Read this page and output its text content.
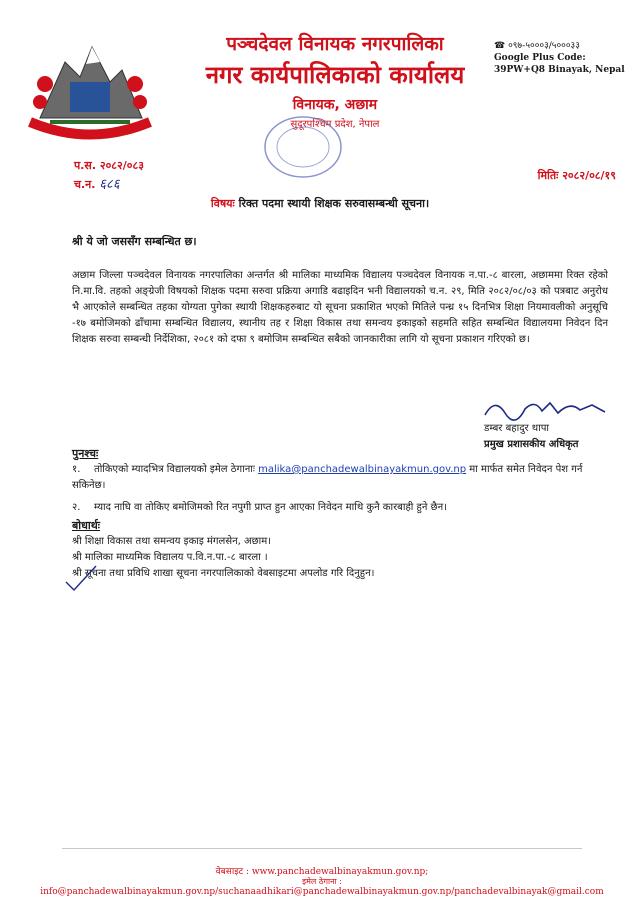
पञ्चदेवल विनायक नगरपालिका
नगर कार्यपालिकाको कार्यालय
विनायक, अछाम
सुदूरपश्चिम प्रदेश, नेपाल
☎ ०९७-५०००३/५०००३३
Google Plus Code:
39PW+Q8 Binayak, Nepal
प.स. २०८२/०८३
च.न. ६८६
मितिः २०८२/०८/१९
विषयः रिक्त पदमा स्थायी शिक्षक सरुवासम्बन्धी सूचना।
श्री ये जो जससँग सम्बन्धित छ।
अछाम जिल्ला पञ्चदेवल विनायक नगरपालिका अन्तर्गत श्री मालिका माध्यमिक विद्यालय पञ्चदेवल विनायक न.पा.-८ बारला, अछाममा रिक्त रहेको नि.मा.वि. तहको अङ्ग्रेजी विषयको शिक्षक पदमा सरुवा प्रक्रिया अगाडि बढाइदिन भनी विद्यालयको च.न. २९, मिति २०८२/०८/०३ को पत्रबाट अनुरोध भै आएकोले सम्बन्धित तहका योग्यता पुगेका स्थायी शिक्षकहरुबाट यो सूचना प्रकाशित भएको मितिले पन्ध्र १५ दिनभित्र शिक्षा नियमावलीको अनुसूचि -१७ बमोजिमको ढाँचामा सम्बन्धित विद्यालय, स्थानीय तह र शिक्षा विकास तथा समन्वय इकाइको सहमति सहित सम्बन्धित विद्यालयमा निवेदन दिन शिक्षक सरुवा सम्बन्धी निर्देशिका, २०८१ को दफा ९ बमोजिम सम्बन्धित सबैको जानकारीका लागि यो सूचना प्रकाशन गरिएको छ।
डम्बर बहादुर थापा
प्रमुख प्रशासकीय अधिकृत
पुनश्चः
१. तोकिएको म्यादभित्र विद्यालयको इमेल ठेगानाः malika@panchadewalbinayakmun.gov.np मा मार्फत समेत निवेदन पेश गर्न सकिनेछ।
२. म्याद नाघि वा तोकिए बमोजिमको रित नपुगी प्राप्त हुन आएका निवेदन माथि कुनै कारबाही हुने छैन।
बोधार्थः
श्री शिक्षा विकास तथा समन्वय इकाइ मंगलसेन, अछाम।
श्री मालिका माध्यमिक विद्यालय प.वि.न.पा.-८ बारला ।
श्री सूचना तथा प्रविधि शाखा सूचना नगरपालिकाको वेबसाइटमा अपलोड गरि दिनुहुन।
वेबसाइट : www.panchadewalbinayakmun.gov.np;
इमेल ठेगाना :
info@panchadewalbinayakmun.gov.np/suchanaadhikari@panchadewalbinayakmun.gov.np/panchadevalbinayak@gmail.com
